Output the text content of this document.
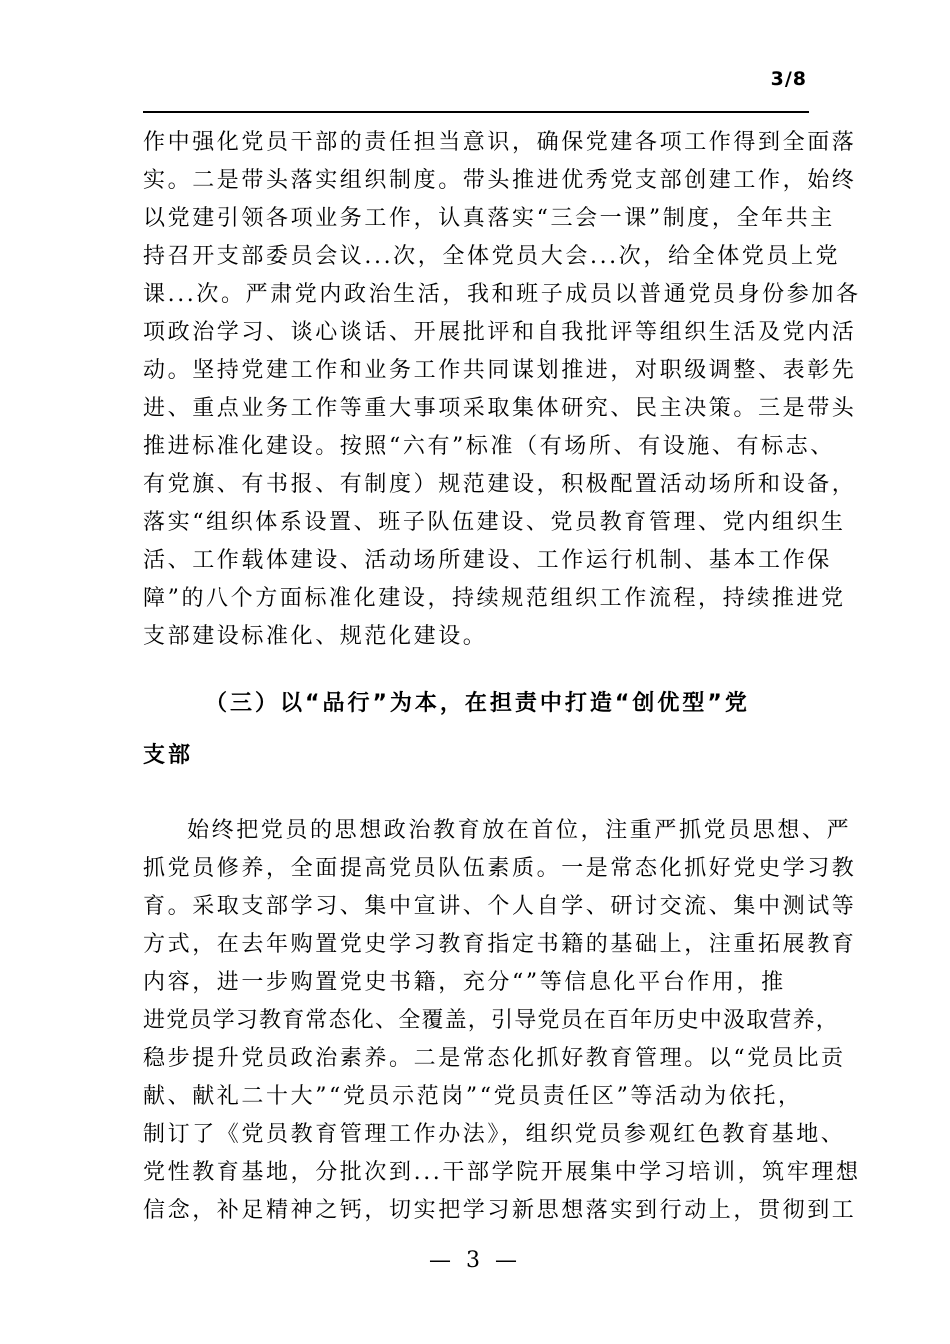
3/8
作中强化党员干部的责任担当意识，确保党建各项工作得到全面落
实。二是带头落实组织制度。带头推进优秀党支部创建工作，始终
以党建引领各项业务工作，认真落实“三会一课”制度，全年共主
持召开支部委员会议...次，全体党员大会...次，给全体党员上党
课...次。严肃党内政治生活，我和班子成员以普通党员身份参加各
项政治学习、谈心谈话、开展批评和自我批评等组织生活及党内活
动。坚持党建工作和业务工作共同谋划推进，对职级调整、表彰先
进、重点业务工作等重大事项采取集体研究、民主决策。三是带头
推进标准化建设。按照“六有”标准（有场所、有设施、有标志、
有党旗、有书报、有制度）规范建设，积极配置活动场所和设备，
落实“组织体系设置、班子队伍建设、党员教育管理、党内组织生
活、工作载体建设、活动场所建设、工作运行机制、基本工作保
障”的八个方面标准化建设，持续规范组织工作流程，持续推进党
支部建设标准化、规范化建设。
（三）以“品行”为本，在担责中打造“创优型”党
支部
始终把党员的思想政治教育放在首位，注重严抓党员思想、严
抓党员修养，全面提高党员队伍素质。一是常态化抓好党史学习教
育。采取支部学习、集中宣讲、个人自学、研讨交流、集中测试等
方式，在去年购置党史学习教育指定书籍的基础上，注重拓展教育
内容，进一步购置党史书籍，充分“”等信息化平台作用，推
进党员学习教育常态化、全覆盖，引导党员在百年历史中汲取营养，
稳步提升党员政治素养。二是常态化抓好教育管理。以“党员比贡
献、献礼二十大”“党员示范岗”“党员责任区”等活动为依托，
制订了《党员教育管理工作办法》，组织党员参观红色教育基地、
党性教育基地，分批次到...干部学院开展集中学习培训，筑牢理想
信念，补足精神之钙，切实把学习新思想落实到行动上，贯彻到工
— 3 —
